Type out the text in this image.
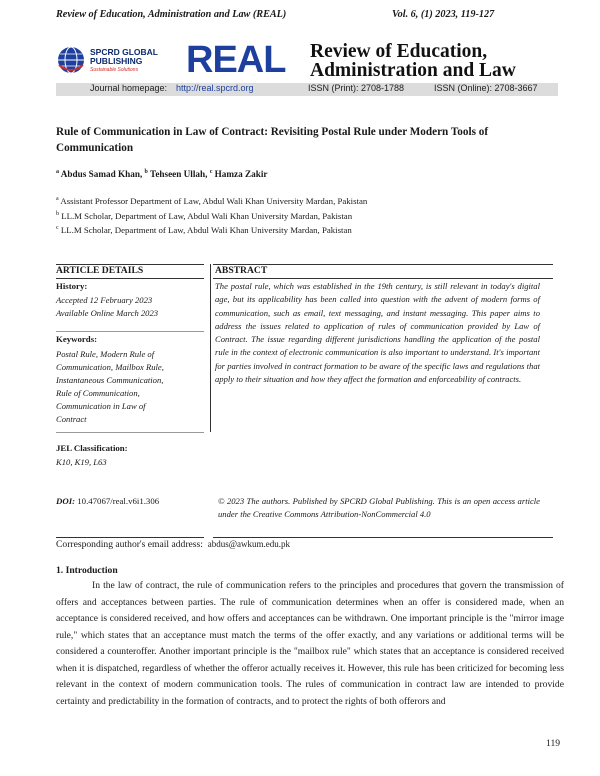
Review of Education, Administration and Law (REAL)	Vol. 6, (1) 2023, 119-127
SPCRD GLOBAL
PUBLISHING
Sustainable Solutions	REAL Review of Education,
Administration and Law
Journal homepage: http://real.spcrd.org	ISSN (Print): 2708-1788	ISSN (Online): 2708-3667
Rule of Communication in Law of Contract: Revisiting Postal Rule under Modern Tools of Communication
$^a$ Abdus Samad Khan, $^b$ Tehseen Ullah, $^c$ Hamza Zakir
$^a$ Assistant Professor Department of Law, Abdul Wali Khan University Mardan, Pakistan
$^b$ LL.M Scholar, Department of Law, Abdul Wali Khan University Mardan, Pakistan
$^c$ LL.M Scholar, Department of Law, Abdul Wali Khan University Mardan, Pakistan
ARTICLE DETAILS	ABSTRACT
History:
Accepted 12 February 2023
Available Online March 2023
Keywords:
Postal Rule, Modern Rule of
Communication, Mailbox Rule,
Instantaneous Communication,
Rule of Communication,
Communication in Law of
Contract
JEL Classification:
K10, K19, L63
The postal rule, which was established in the 19th century, is still relevant in today's digital age, but its applicability has been called into question with the advent of modern forms of communication, such as email, text messaging, and instant messaging. This paper aims to address the issues related to application of rules of communication provided by Law of Contract. The issue regarding different jurisdictions handling the application of the postal rule in the context of electronic communication is also important to understand. It's important for parties involved in contract formation to be aware of the specific laws and regulations that apply to their situation and how they affect the formation and enforceability of contracts.
DOI: 10.47067/real.v6i1.306	© 2023 The authors. Published by SPCRD Global Publishing. This is an open access article under the Creative Commons Attribution-NonCommercial 4.0
Corresponding author's email address: abdus@awkum.edu.pk
1. Introduction
In the law of contract, the rule of communication refers to the principles and procedures that govern the transmission of offers and acceptances between parties. The rule of communication determines when an offer is considered made, when an acceptance is considered received, and how offers and acceptances can be withdrawn. One important principle is the "mirror image rule," which states that an acceptance must match the terms of the offer exactly, and any variations or additional terms will be considered a counteroffer. Another important principle is the "mailbox rule" which states that an acceptance is considered received when it is dispatched, regardless of whether the offeror actually receives it. However, this rule has been criticized for becoming less relevant in the context of modern communication tools. The rules of communication in contract law are intended to provide certainty and predictability in the formation of contracts, and to protect the rights of both offerors and
119
